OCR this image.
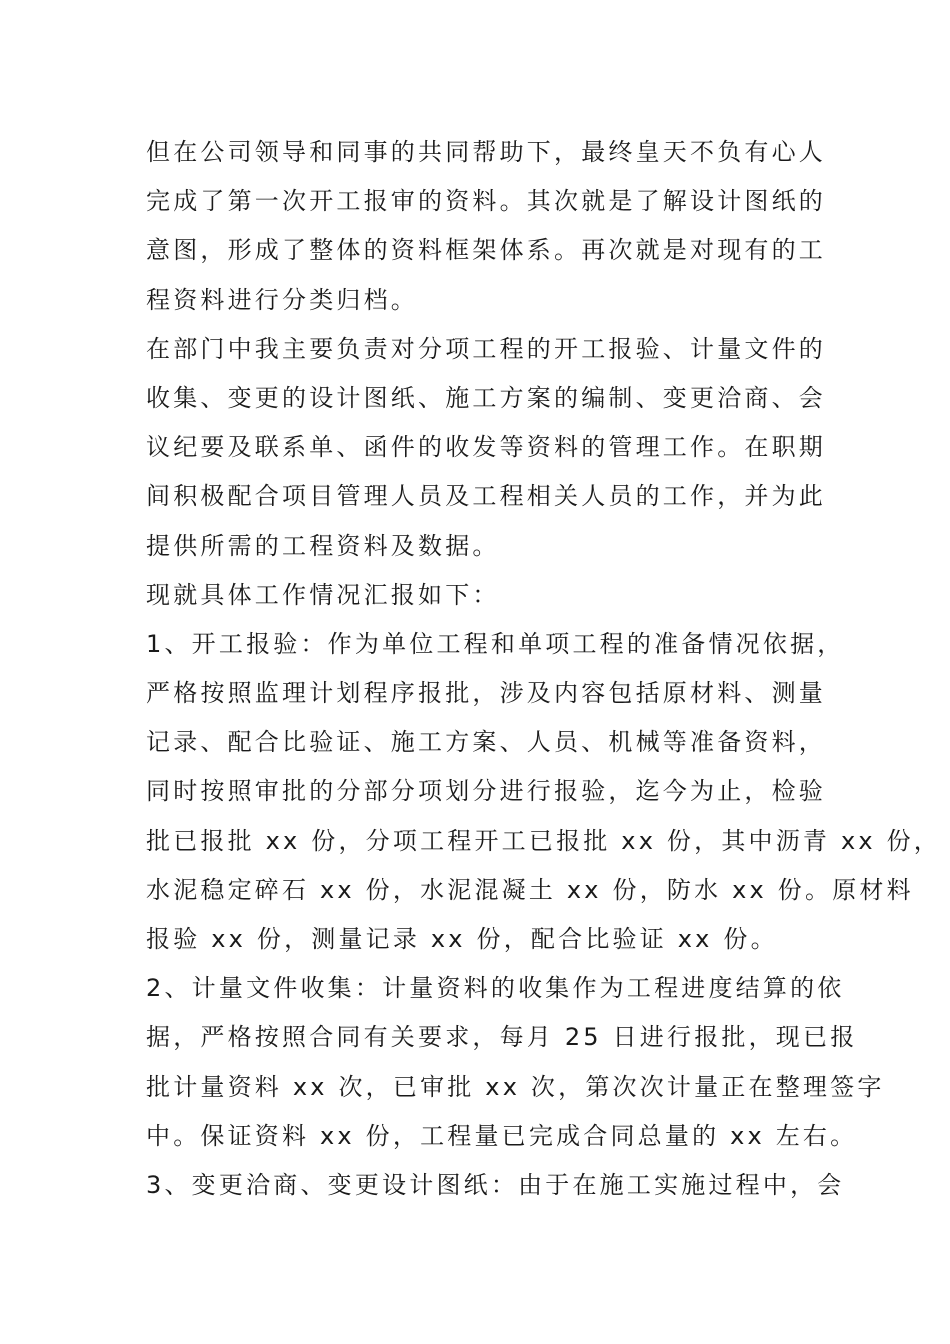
但在公司领导和同事的共同帮助下，最终皇天不负有心人
完成了第一次开工报审的资料。其次就是了解设计图纸的
意图，形成了整体的资料框架体系。再次就是对现有的工
程资料进行分类归档。
在部门中我主要负责对分项工程的开工报验、计量文件的
收集、变更的设计图纸、施工方案的编制、变更洽商、会
议纪要及联系单、函件的收发等资料的管理工作。在职期
间积极配合项目管理人员及工程相关人员的工作，并为此
提供所需的工程资料及数据。
现就具体工作情况汇报如下：
1、开工报验：作为单位工程和单项工程的准备情况依据，
严格按照监理计划程序报批，涉及内容包括原材料、测量
记录、配合比验证、施工方案、人员、机械等准备资料，
同时按照审批的分部分项划分进行报验，迄今为止，检验
批已报批 xx 份，分项工程开工已报批 xx 份，其中沥青 xx 份，
水泥稳定碎石 xx 份，水泥混凝土 xx 份，防水 xx 份。原材料
报验 xx 份，测量记录 xx 份，配合比验证 xx 份。
2、计量文件收集：计量资料的收集作为工程进度结算的依
据，严格按照合同有关要求，每月 25 日进行报批，现已报
批计量资料 xx 次，已审批 xx 次，第次次计量正在整理签字
中。保证资料 xx 份，工程量已完成合同总量的 xx 左右。
3、变更洽商、变更设计图纸：由于在施工实施过程中，会
